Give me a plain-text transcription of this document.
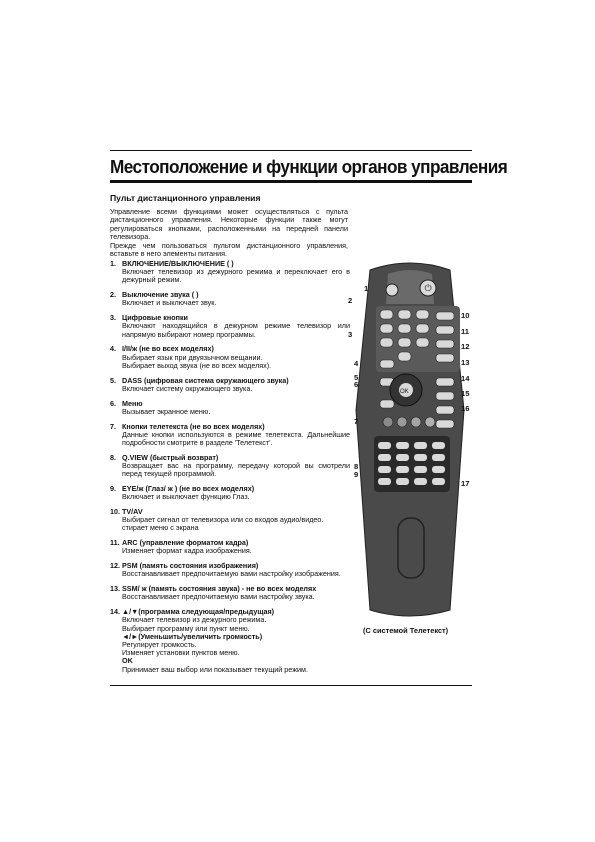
Местоположение и функции органов управления
Пульт дистанционного управления
Управление всеми функциями может осуществляться с пульта дистанционного управления. Некоторые функции также могут регулироваться кнопками, расположенными на передней панели телевизора.
Прежде чем пользоваться пультом дистанционного управления, вставьте в него элементы питания.
1. ВКЛЮЧЕНИЕ/ВЫКЛЮЧЕНИЕ ( )
Включает телевизор из дежурного режима и переключает его в дежурный режим.
2. Выключение звука ( )
Включает и выключает звук.
3. Цифровые кнопки
Включают находящийся в дежурном режиме телевизор или напрямую выбирают номер программы.
4. I/II/ж (не во всех моделях)
Выбирает язык при двуязычном вещании.
Выбирает выход звука (не во всех моделях).
5. DASS (цифровая система окружающего звука)
Включает систему окружающего звука.
6. Меню
Вызывает экранное меню.
7. Кнопки телетекста (не во всех моделях)
Данные кнопки используются в режиме телетекста. Дальнейшие подробности смотрите в разделе 'Телетекст'.
8. Q.VIEW (быстрый возврат)
Возвращает вас на программу, передачу которой вы смотрели перед текущей программой.
9. EYE/ж (Глаз/ ж ) (не во всех моделях)
Включает и выключает функцию Глаз.
10. TV/AV
Выбирает сигнал от телевизора или со входов аудио/видео.
стирает меню с экрана
11. ARC (управление форматом кадра)
Изменяет формат кадра изображения.
12. PSM (память состояния изображения)
Восстанавливает предпочитаемую вами настройку изображения.
13. SSM/ ж (память состояния звука) - не во всех моделях
Восстанавливает предпочитаемую вами настройку звука.
14. ▲/▼(программа следующая/предыдущая)
Включает телевизор из дежурного режима.
Выбирает программу или пункт меню.
◄/►(Уменьшить/увеличить громкость)
Регулирует громкость.
Изменяет установки пунктов меню.
OK
Принимает ваш выбор или показывает текущий режим.
⏻
OK
1
2
3
4
5
6
7
8
9
10
11
12
13
14
15
16
17
(С системой Телетекст)
